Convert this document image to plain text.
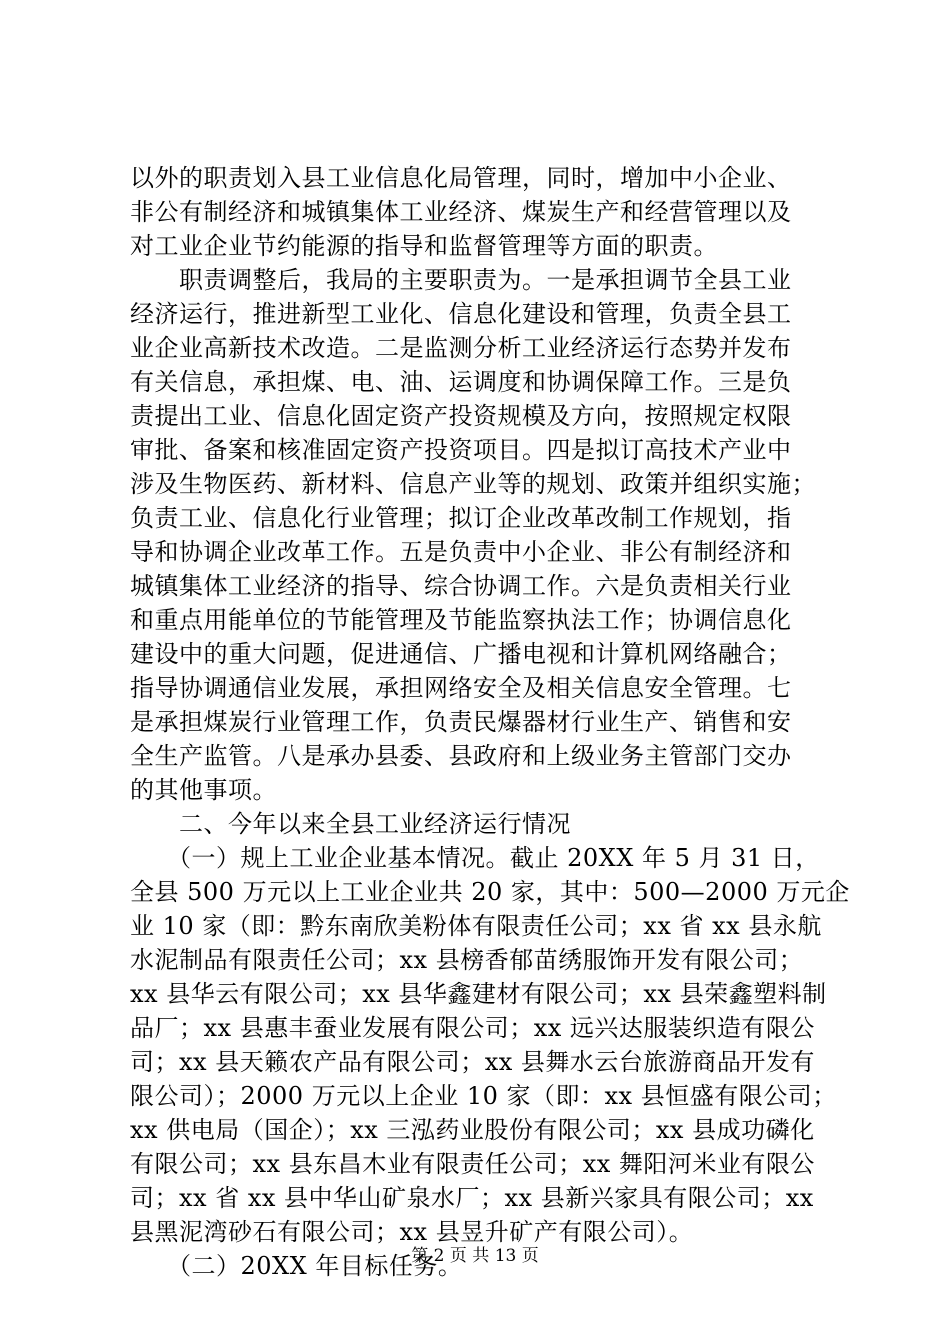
以外的职责划入县工业信息化局管理，同时，增加中小企业、
非公有制经济和城镇集体工业经济、煤炭生产和经营管理以及
对工业企业节约能源的指导和监督管理等方面的职责。
　　职责调整后，我局的主要职责为。一是承担调节全县工业
经济运行，推进新型工业化、信息化建设和管理，负责全县工
业企业高新技术改造。二是监测分析工业经济运行态势并发布
有关信息，承担煤、电、油、运调度和协调保障工作。三是负
责提出工业、信息化固定资产投资规模及方向，按照规定权限
审批、备案和核准固定资产投资项目。四是拟订高技术产业中
涉及生物医药、新材料、信息产业等的规划、政策并组织实施；
负责工业、信息化行业管理；拟订企业改革改制工作规划，指
导和协调企业改革工作。五是负责中小企业、非公有制经济和
城镇集体工业经济的指导、综合协调工作。六是负责相关行业
和重点用能单位的节能管理及节能监察执法工作；协调信息化
建设中的重大问题，促进通信、广播电视和计算机网络融合；
指导协调通信业发展，承担网络安全及相关信息安全管理。七
是承担煤炭行业管理工作，负责民爆器材行业生产、销售和安
全生产监管。八是承办县委、县政府和上级业务主管部门交办
的其他事项。
　　二、今年以来全县工业经济运行情况
　　（一）规上工业企业基本情况。截止 20XX 年 5 月 31 日，
全县 500 万元以上工业企业共 20 家，其中：500—2000 万元企
业 10 家（即：黔东南欣美粉体有限责任公司；xx 省 xx 县永航
水泥制品有限责任公司；xx 县榜香郁苗绣服饰开发有限公司；
xx 县华云有限公司；xx 县华鑫建材有限公司；xx 县荣鑫塑料制
品厂；xx 县惠丰蚕业发展有限公司；xx 远兴达服装织造有限公
司；xx 县天籁农产品有限公司；xx 县舞水云台旅游商品开发有
限公司）；2000 万元以上企业 10 家（即：xx 县恒盛有限公司；
xx 供电局（国企）；xx 三泓药业股份有限公司；xx 县成功磷化
有限公司；xx 县东昌木业有限责任公司；xx 舞阳河米业有限公
司；xx 省 xx 县中华山矿泉水厂；xx 县新兴家具有限公司；xx
县黑泥湾砂石有限公司；xx 县昱升矿产有限公司）。
　　（二）20XX 年目标任务。
第 2 页 共 13 页
